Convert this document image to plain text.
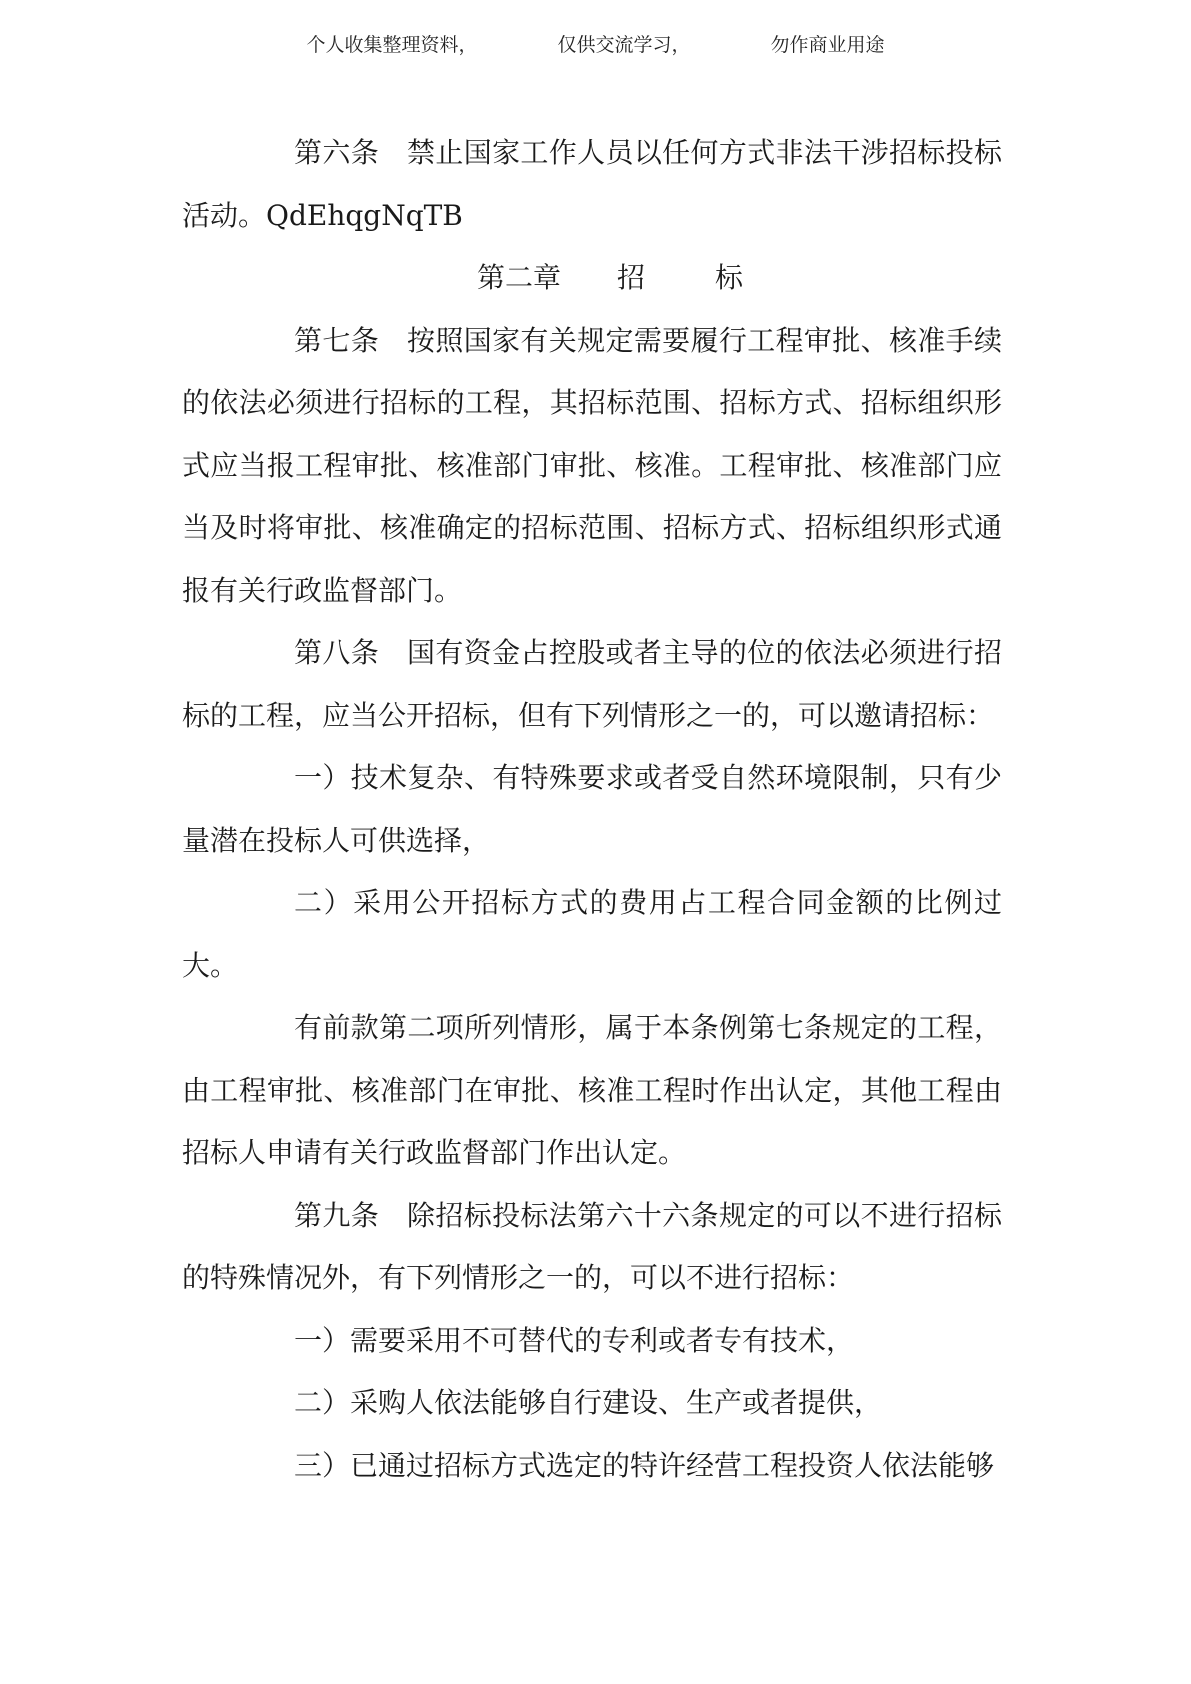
个人收集整理资料，	仅供交流学习，	勿作商业用途

第六条 禁止国家工作人员以任何方式非法干涉招标投标活动。QdEhqgNqTB

第二章 招	标

第七条 按照国家有关规定需要履行工程审批、核准手续的依法必须进行招标的工程，其招标范围、招标方式、招标组织形式应当报工程审批、核准部门审批、核准。工程审批、核准部门应当及时将审批、核准确定的招标范围、招标方式、招标组织形式通报有关行政监督部门。

第八条 国有资金占控股或者主导的位的依法必须进行招标的工程，应当公开招标，但有下列情形之一的，可以邀请招标：

一）技术复杂、有特殊要求或者受自然环境限制，只有少量潜在投标人可供选择，

二）采用公开招标方式的费用占工程合同金额的比例过大。

有前款第二项所列情形，属于本条例第七条规定的工程，由工程审批、核准部门在审批、核准工程时作出认定，其他工程由招标人申请有关行政监督部门作出认定。

第九条 除招标投标法第六十六条规定的可以不进行招标的特殊情况外，有下列情形之一的，可以不进行招标：

一）需要采用不可替代的专利或者专有技术，

二）采购人依法能够自行建设、生产或者提供，

三）已通过招标方式选定的特许经营工程投资人依法能够
